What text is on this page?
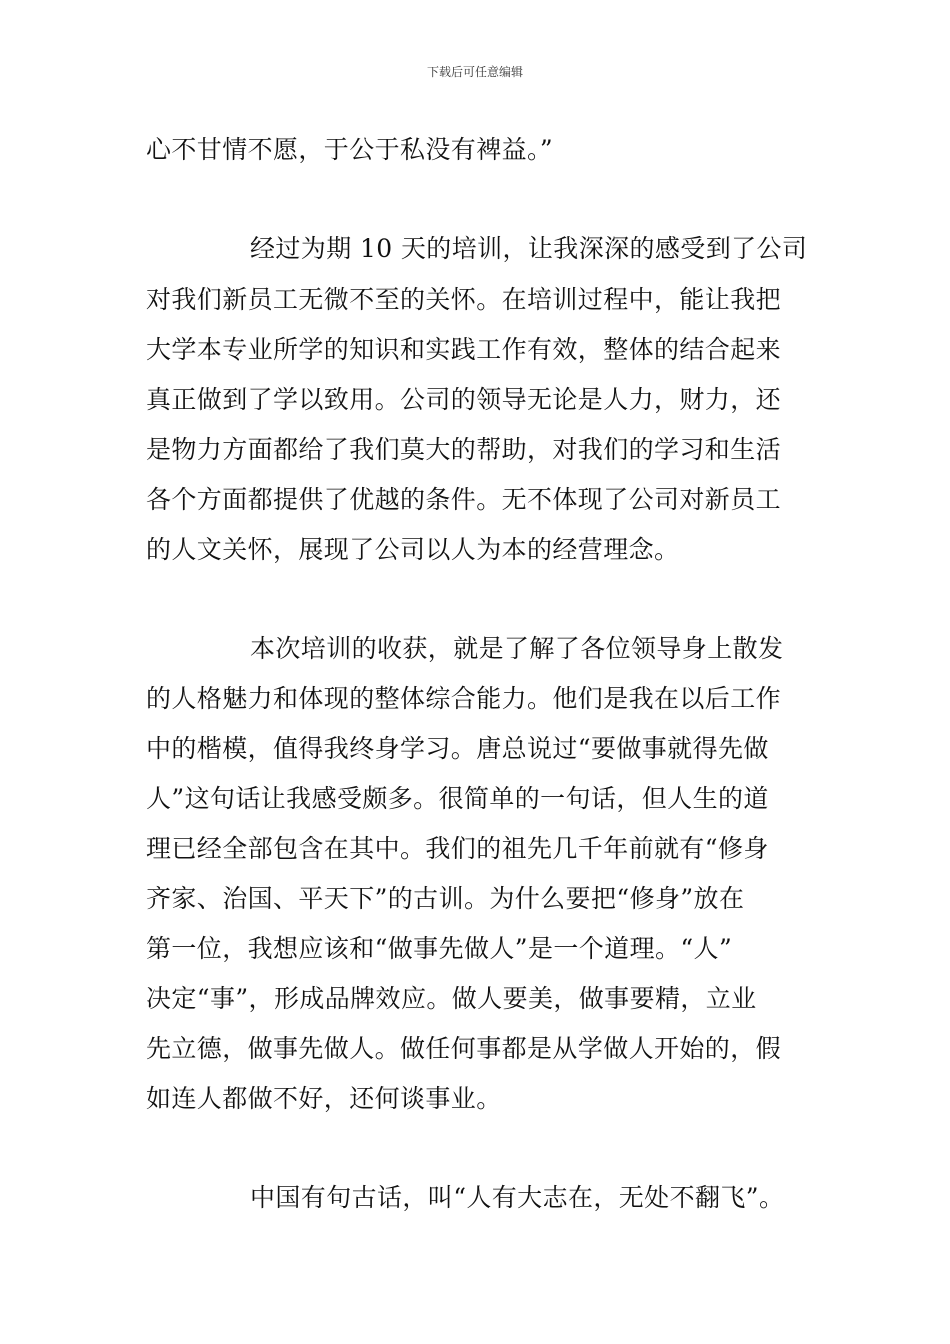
下载后可任意编辑
心不甘情不愿，于公于私没有裨益。”
经过为期 10 天的培训，让我深深的感受到了公司
对我们新员工无微不至的关怀。在培训过程中，能让我把
大学本专业所学的知识和实践工作有效，整体的结合起来
真正做到了学以致用。公司的领导无论是人力，财力，还
是物力方面都给了我们莫大的帮助，对我们的学习和生活
各个方面都提供了优越的条件。无不体现了公司对新员工
的人文关怀，展现了公司以人为本的经营理念。
本次培训的收获，就是了解了各位领导身上散发
的人格魅力和体现的整体综合能力。他们是我在以后工作
中的楷模，值得我终身学习。唐总说过“要做事就得先做
人”这句话让我感受颇多。很简单的一句话，但人生的道
理已经全部包含在其中。我们的祖先几千年前就有“修身
齐家、治国、平天下”的古训。为什么要把“修身”放在
第一位，我想应该和“做事先做人”是一个道理。“人”
决定“事”，形成品牌效应。做人要美，做事要精，立业
先立德，做事先做人。做任何事都是从学做人开始的，假
如连人都做不好，还何谈事业。
中国有句古话，叫“人有大志在，无处不翻飞”。
